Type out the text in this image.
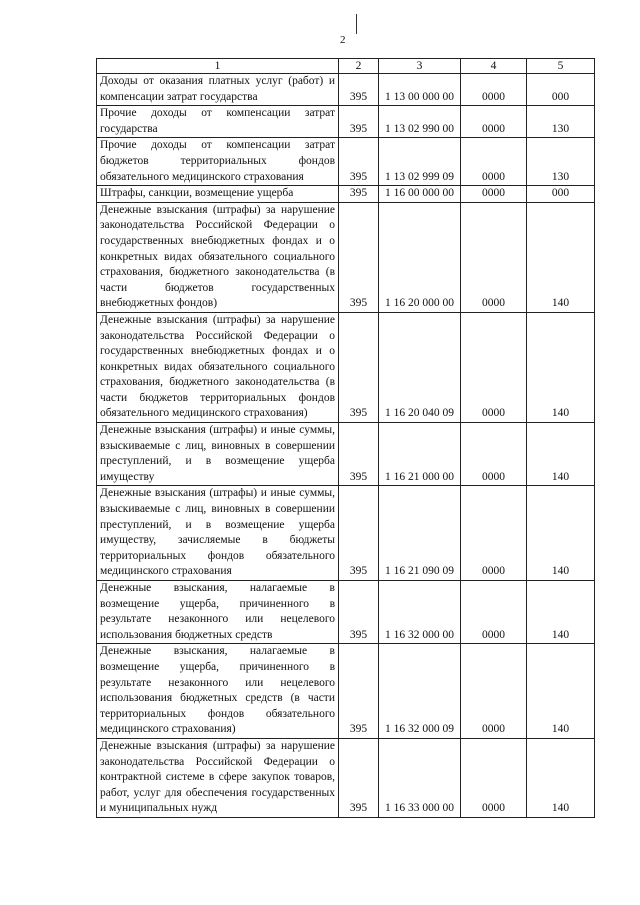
2
1	2	3	4	5
Доходы от оказания платных услуг (работ) и компенсации затрат государства	395	1 13 00 000 00	0000	000
Прочие доходы от компенсации затрат государства	395	1 13 02 990 00	0000	130
Прочие доходы от компенсации затрат бюджетов территориальных фондов обязательного медицинского страхования	395	1 13 02 999 09	0000	130
Штрафы, санкции, возмещение ущерба	395	1 16 00 000 00	0000	000
Денежные взыскания (штрафы) за нарушение законодательства Российской Федерации о государственных внебюджетных фондах и о конкретных видах обязательного социального страхования, бюджетного законодательства (в части бюджетов государственных внебюджетных фондов)	395	1 16 20 000 00	0000	140
Денежные взыскания (штрафы) за нарушение законодательства Российской Федерации о государственных внебюджетных фондах и о конкретных видах обязательного социального страхования, бюджетного законодательства (в части бюджетов территориальных фондов обязательного медицинского страхования)	395	1 16 20 040 09	0000	140
Денежные взыскания (штрафы) и иные суммы, взыскиваемые с лиц, виновных в совершении преступлений, и в возмещение ущерба имуществу	395	1 16 21 000 00	0000	140
Денежные взыскания (штрафы) и иные суммы, взыскиваемые с лиц, виновных в совершении преступлений, и в возмещение ущерба имуществу, зачисляемые в бюджеты территориальных фондов обязательного медицинского страхования	395	1 16 21 090 09	0000	140
Денежные взыскания, налагаемые в возмещение ущерба, причиненного в результате незаконного или нецелевого использования бюджетных средств	395	1 16 32 000 00	0000	140
Денежные взыскания, налагаемые в возмещение ущерба, причиненного в результате незаконного или нецелевого использования бюджетных средств (в части территориальных фондов обязательного медицинского страхования)	395	1 16 32 000 09	0000	140
Денежные взыскания (штрафы) за нарушение законодательства Российской Федерации о контрактной системе в сфере закупок товаров, работ, услуг для обеспечения государственных и муниципальных нужд	395	1 16 33 000 00	0000	140
